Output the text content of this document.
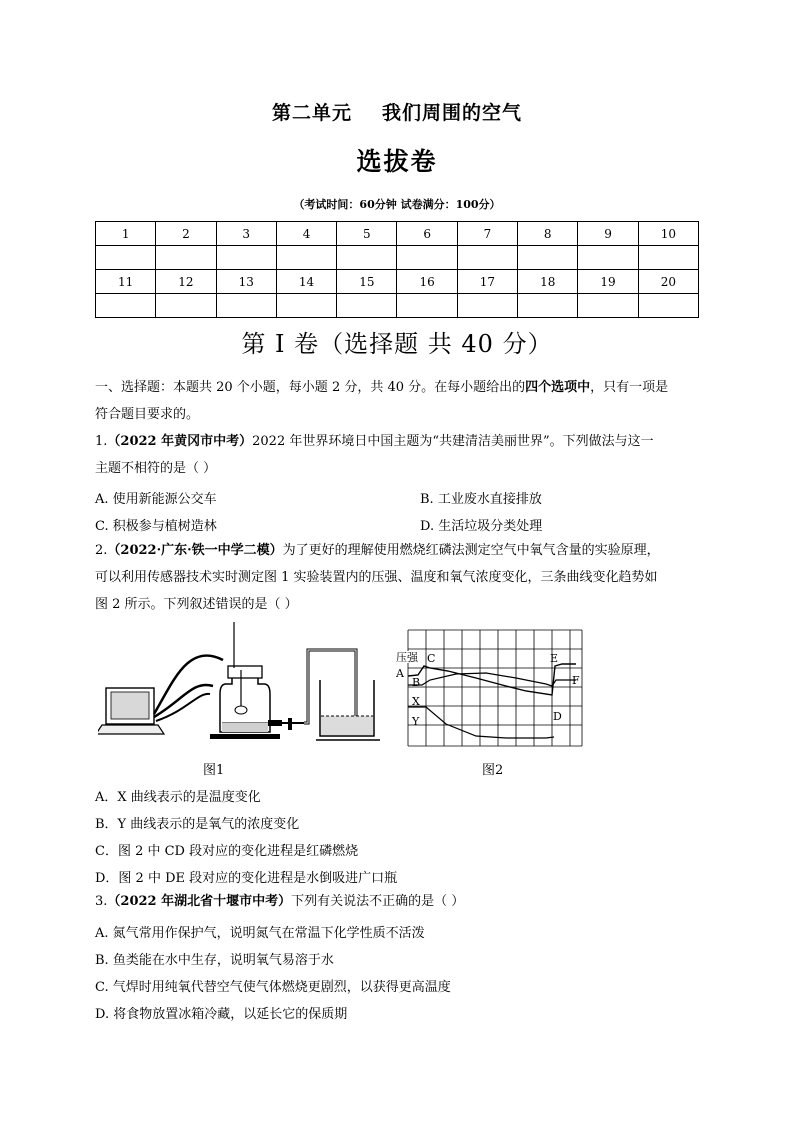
第二单元 我们周围的空气
选拔卷
（考试时间：60分钟 试卷满分：100分）
1	2	3	4	5	6	7	8	9	10

11	12	13	14	15	16	17	18	19	20

第 I 卷（选择题 共 40 分）
一、选择题：本题共 20 个小题，每小题 2 分，共 40 分。在每小题给出的四个选项中，只有一项是
符合题目要求的。
1.（2022 年黄冈市中考）2022 年世界环境日中国主题为“共建清洁美丽世界”。下列做法与这一
主题不相符的是（ ）
A. 使用新能源公交车	B. 工业废水直接排放
C. 积极参与植树造林	D. 生活垃圾分类处理
2.（2022·广东·铁一中学二模）为了更好的理解使用燃烧红磷法测定空气中氧气含量的实验原理，
可以利用传感器技术实时测定图 1 实验装置内的压强、温度和氧气浓度变化，三条曲线变化趋势如
图 2 所示。下列叙述错误的是（ ）
压强
A
B
C
X
Y	D
E
F
图1	图2
A．X 曲线表示的是温度变化
B．Y 曲线表示的是氧气的浓度变化
C．图 2 中 CD 段对应的变化进程是红磷燃烧
D．图 2 中 DE 段对应的变化进程是水倒吸进广口瓶
3.（2022 年湖北省十堰市中考）下列有关说法不正确的是（ ）
A. 氮气常用作保护气，说明氮气在常温下化学性质不活泼
B. 鱼类能在水中生存，说明氧气易溶于水
C. 气焊时用纯氧代替空气使气体燃烧更剧烈，以获得更高温度
D. 将食物放置冰箱冷藏，以延长它的保质期
